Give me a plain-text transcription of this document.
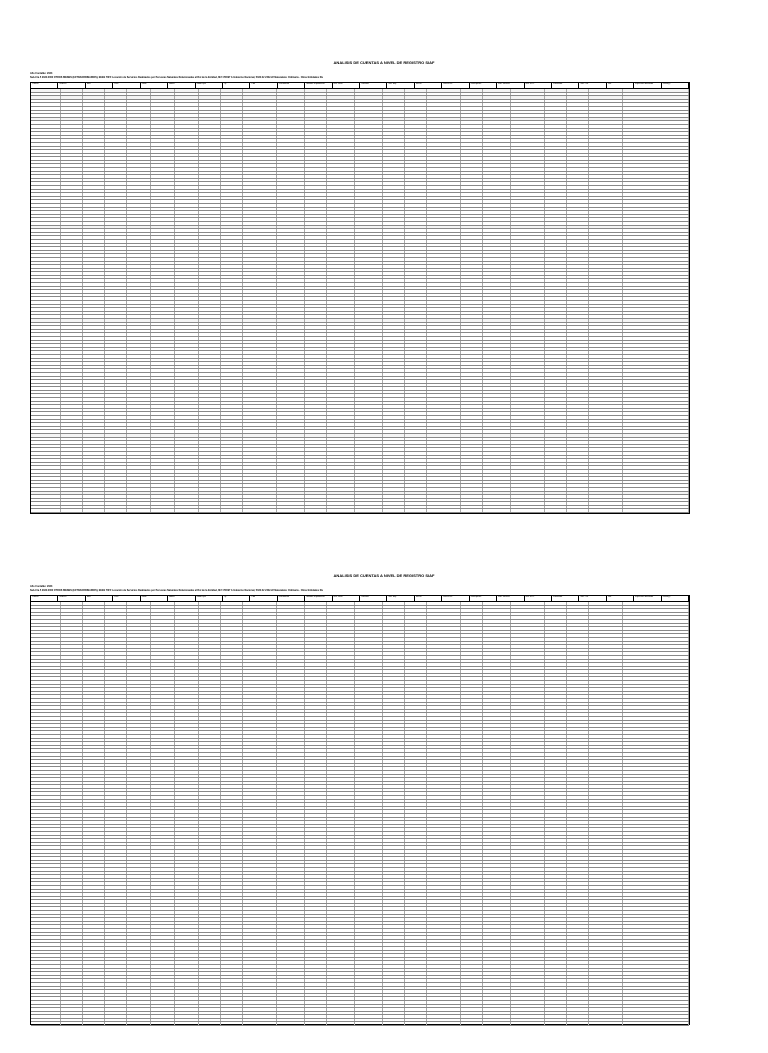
ANALISIS DE CUENTAS A NIVEL DE REGISTRO SIAF
Año Contable: 2023
Sub-Cta 5 2022.0000 OTROS BIENES (EXTRAORDINARIOS), EEEE 70FF Locación de Servicios Realizados por Personas Naturales Relacionadas al Rol de la Entidad, 8hf 170097 A Gobierno Nacional, 5022.02 2402.22 Naturaleza: Ordinaria - Otras Entidades Ra
Cuenta	Sub-cta	Mes	Pers	Debe	Haber	Saldo Dpo	Tp	Cdo	Documento	Nombre Suplemento	Nro. Serie	Contrato	Nro. Exp	Fecha	Fecha Fin	Descripción	Mto. Servicio	Nro. RUC	Proveedor	Nro. O/S	Doc	Especifica detallada	Glosa(s)
ANALISIS DE CUENTAS A NIVEL DE REGISTRO SIAF
Año Contable: 2023
Sub-Cta 5 2022.0000 OTROS BIENES (EXTRAORDINARIOS), EEEE 70FF Locación de Servicios Realizados por Personas Naturales Relacionadas al Rol de la Entidad, 8hf 170097 A Gobierno Nacional, 5022.02 2402.22 Naturaleza: Ordinaria - Otras Entidades Ra
Cuenta	Sub-cta	Mes	Pers	Debe	Haber	Saldo Dpo	Tp	Cdo	Documento	Nombre Suplemento	Nro. Serie	Contrato	Nro. Exp	Fecha	Fecha Fin	Descripción	Mto. Servicio	Nro. RUC	Proveedor	Nro. O/S	Doc	Especifica detallada	Glosa(s)
